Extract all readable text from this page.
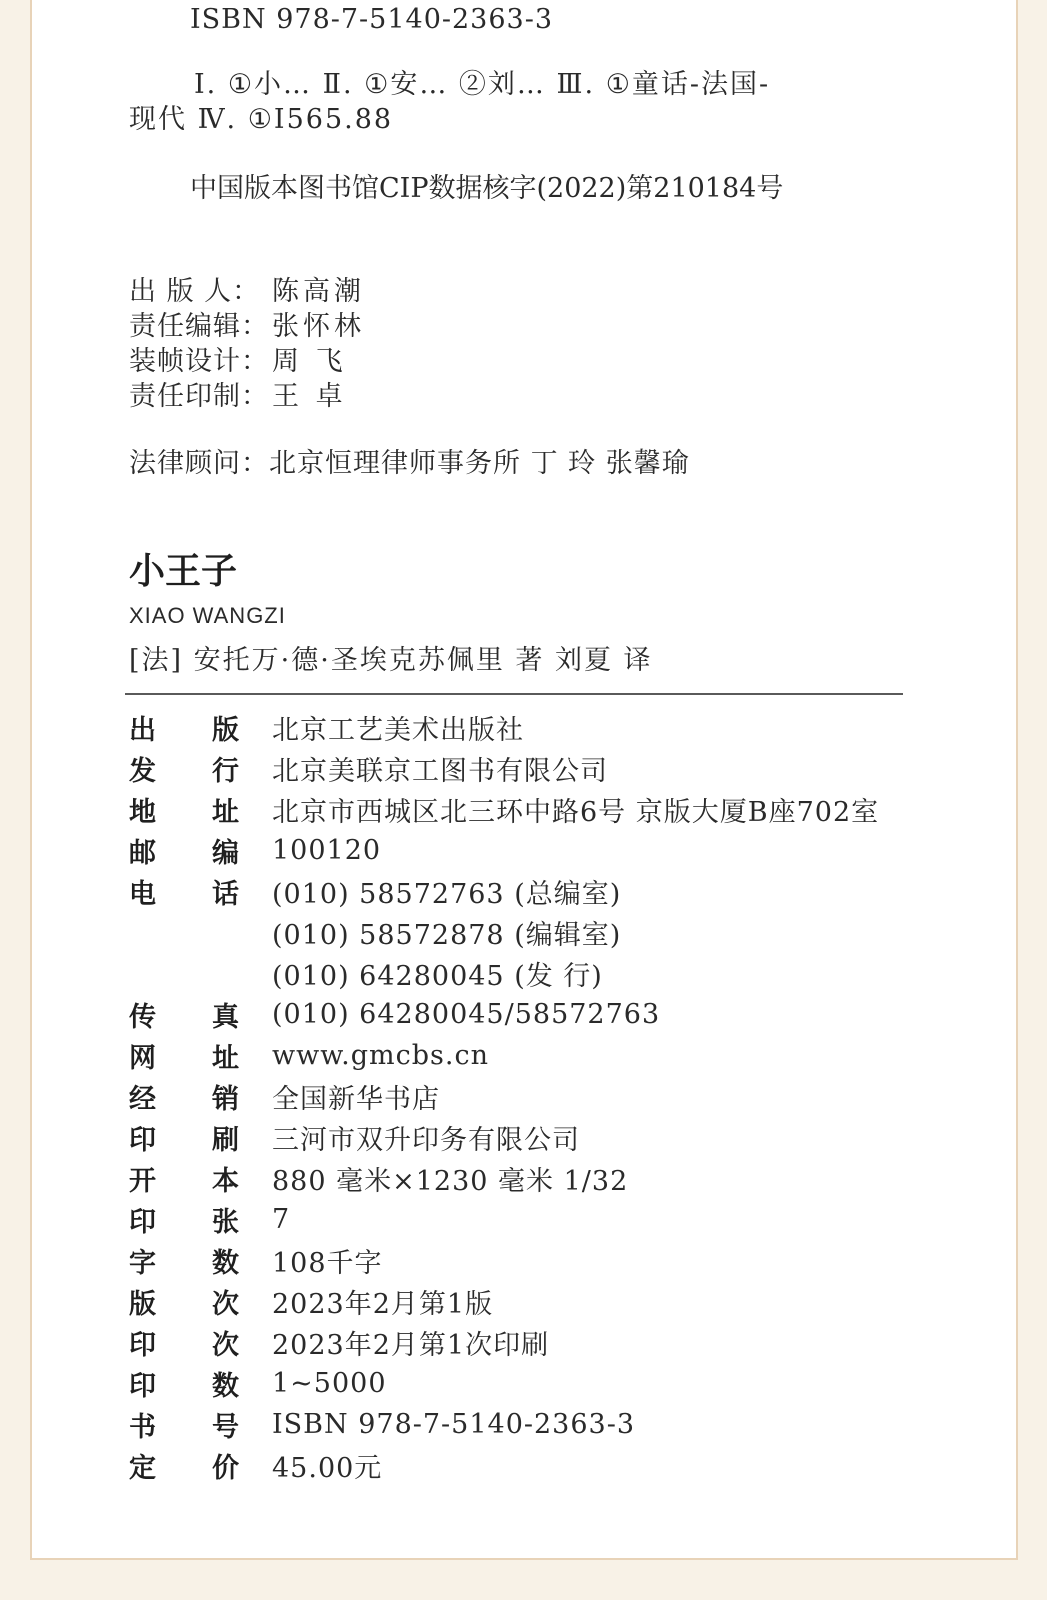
ISBN 978-7-5140-2363-3
Ⅰ. ①小… Ⅱ. ①安… ②刘… Ⅲ. ①童话-法国-
现代 Ⅳ. ①I565.88
中国版本图书馆CIP数据核字(2022)第210184号
出 版 人： 陈高潮
责任编辑： 张怀林
装帧设计： 周 飞
责任印制： 王 卓
法律顾问：北京恒理律师事务所 丁 玲 张馨瑜
小王子
XIAO WANGZI
[法] 安托万·德·圣埃克苏佩里 著 刘夏 译
出 版 北京工艺美术出版社
发 行 北京美联京工图书有限公司
地 址 北京市西城区北三环中路6号 京版大厦B座702室
邮 编 100120
电 话 (010) 58572763 (总编室)
(010) 58572878 (编辑室)
(010) 64280045 (发 行)
传 真 (010) 64280045/58572763
网 址 www.gmcbs.cn
经 销 全国新华书店
印 刷 三河市双升印务有限公司
开 本 880 毫米×1230 毫米 1/32
印 张 7
字 数 108千字
版 次 2023年2月第1版
印 次 2023年2月第1次印刷
印 数 1~5000
书 号 ISBN 978-7-5140-2363-3
定 价 45.00元
